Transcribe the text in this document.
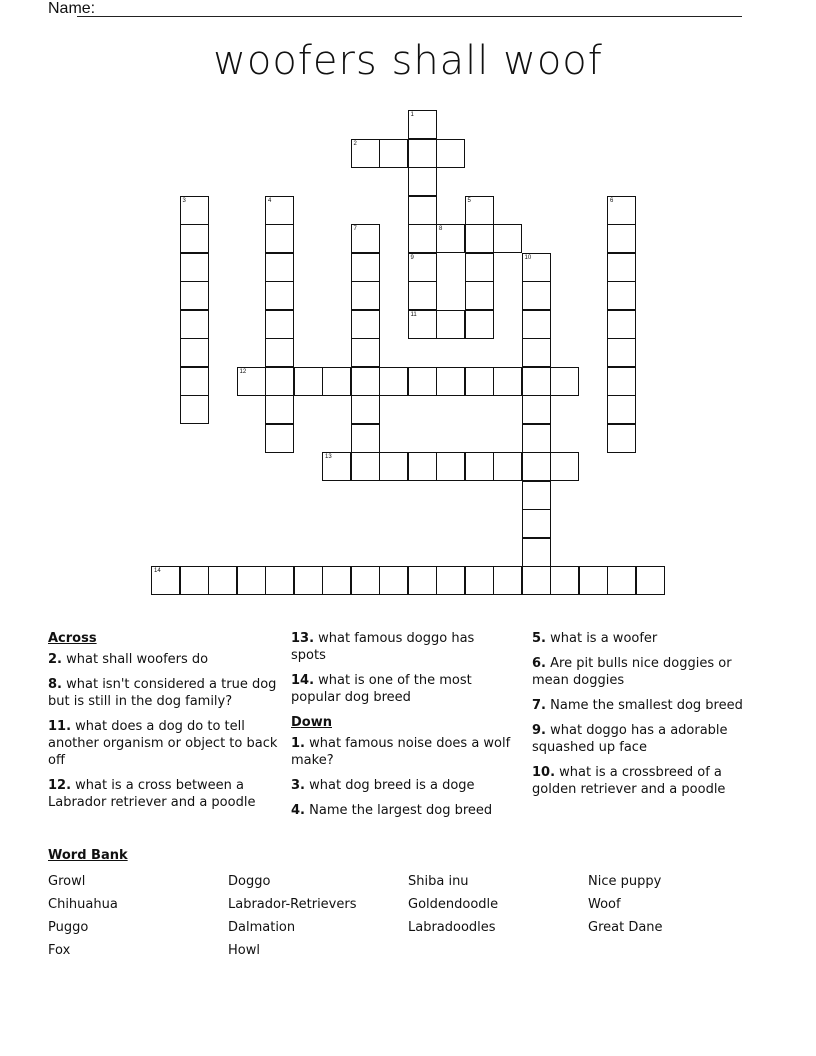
Name:
woofers shall woof
1
2
3	4	5	6
7	8
9
11
10
12
13
14
Across
2. what shall woofers do
8. what isn't considered a true dog but is still in the dog family?
11. what does a dog do to tell another organism or object to back off
12. what is a cross between a Labrador retriever and a poodle
13. what famous doggo has spots
14. what is one of the most popular dog breed
Down
1. what famous noise does a wolf make?
3. what dog breed is a doge
4. Name the largest dog breed
5. what is a woofer
6. Are pit bulls nice doggies or mean doggies
7. Name the smallest dog breed
9. what doggo has a adorable squashed up face
10. what is a crossbreed of a golden retriever and a poodle
Word Bank
Growl
Chihuahua
Puggo
Fox
Doggo
Labrador-Retrievers
Dalmation
Howl
Shiba inu
Goldendoodle
Labradoodles
Nice puppy
Woof
Great Dane
